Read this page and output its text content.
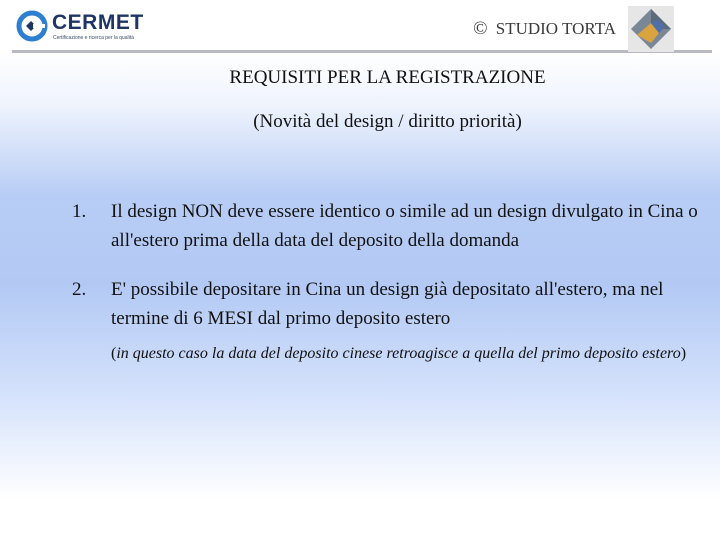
CERMET
Certificazione e ricerca per la qualità	© STUDIO TORTA
REQUISITI PER LA REGISTRAZIONE
(Novità del design / diritto priorità)
1. Il design NON deve essere identico o simile ad un design divulgato in Cina o all'estero prima della data del deposito della domanda
2. E' possibile depositare in Cina un design già depositato all'estero, ma nel termine di 6 MESI dal primo deposito estero
(in questo caso la data del deposito cinese retroagisce a quella del primo deposito estero)
